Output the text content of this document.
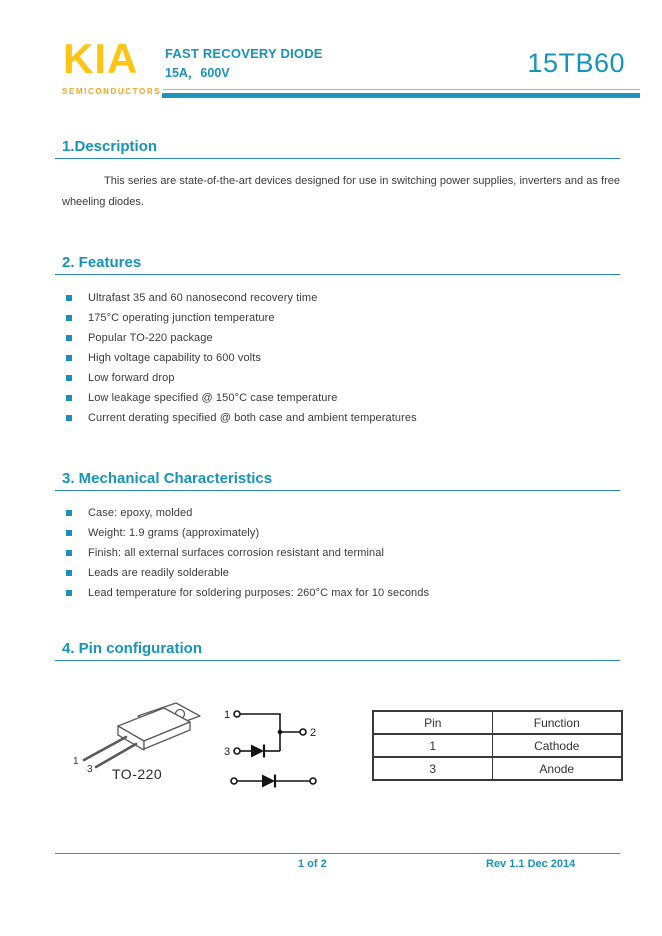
KIA
SEMICONDUCTORS
FAST RECOVERY DIODE
15A，600V	15TB60
1.Description

This series are state-of-the-art devices designed for use in switching power supplies, inverters and as free wheeling diodes.

2. Features
Ultrafast 35 and 60 nanosecond recovery time
175°C operating junction temperature
Popular TO-220 package
High voltage capability to 600 volts
Low forward drop
Low leakage specified @ 150°C case temperature
Current derating specified @ both case and ambient temperatures
3. Mechanical Characteristics
Case: epoxy, molded
Weight: 1.9 grams (approximately)
Finish: all external surfaces corrosion resistant and terminal
Leads are readily solderable
Lead temperature for soldering purposes: 260°C max for 10 seconds
4. Pin configuration
1
3 TO-220
1
2
3
Pin	Function
1	Cathode
3	Anode
1 of 2	Rev 1.1 Dec 2014
